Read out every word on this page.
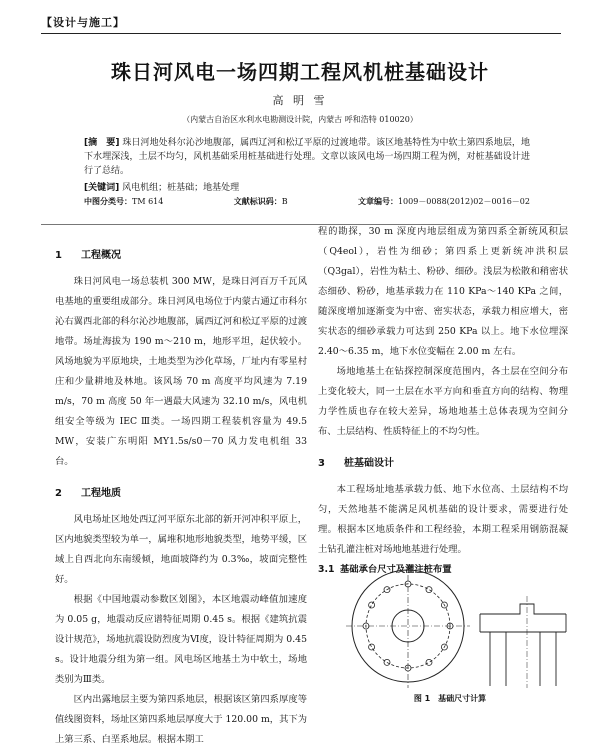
【设计与施工】
珠日河风电一场四期工程风机桩基础设计
高 明 雪
（内蒙古自治区水利水电勘测设计院，内蒙古 呼和浩特 010020）
[摘　要] 珠日河地处科尔沁沙地腹部，属西辽河和松辽平原的过渡地带。该区地基特性为中软土第四系地层，地下水埋深浅，土层不均匀，风机基础采用桩基础进行处理。文章以该风电场一场四期工程为例，对桩基础设计进行了总结。
[关键词] 风电机组；桩基础；地基处理
中图分类号：TM 614	文献标识码：B	文章编号：1009－0088(2012)02－0016－02
1 工程概况

珠日河风电一场总装机 300 MW，是珠日河百万千瓦风电基地的重要组成部分。珠日河风电场位于内蒙古通辽市科尔沁右翼西北部的科尔沁沙地腹部，属西辽河和松辽平原的过渡地带。场址海拔为 190 m～210 m，地形平坦，起伏较小。风场地貌为平原地块，土地类型为沙化草场，厂址内有零星村庄和少量耕地及林地。该风场 70 m 高度平均风速为 7.19 m/s，70 m 高度 50 年一遇最大风速为 32.10 m/s，风电机组安全等级为 IEC Ⅲ类。一场四期工程装机容量为 49.5 MW，安装广东明阳 MY1.5s/s0－70 风力发电机组 33 台。

2 工程地质

风电场址区地处西辽河平原东北部的新开河冲积平原上，区内地貌类型较为单一，属堆积地形地貌类型，地势平缓，区域上自西北向东南缓倾，地面坡降约为 0.3‰，坡面完整性好。

根据《中国地震动参数区划图》，本区地震动峰值加速度为 0.05 g，地震动反应谱特征周期 0.45 s。根据《建筑抗震设计规范》，场地抗震设防烈度为Ⅵ度，设计特征周期为 0.45 s。设计地震分组为第一组。风电场区地基土为中软土，场地类别为Ⅲ类。

区内出露地层主要为第四系地层，根据该区第四系厚度等值线图资料，场址区第四系地层厚度大于 120.00 m，其下为上第三系、白垩系地层。根据本期工

程的勘探，30 m 深度内地层组成为第四系全新统风积层（Q4eol），岩性为细砂；第四系上更新统冲洪积层（Q3gal），岩性为粘土、粉砂、细砂。浅层为松散和稍密状态细砂、粉砂，地基承载力在 110 KPa～140 KPa 之间，随深度增加逐渐变为中密、密实状态，承载力相应增大，密实状态的细砂承载力可达到 250 KPa 以上。地下水位埋深 2.40～6.35 m，地下水位变幅在 2.00 m 左右。

场地地基土在钻探控制深度范围内，各土层在空间分布上变化较大，同一土层在水平方向和垂直方向的结构、物理力学性质也存在较大差异，场地地基土总体表现为空间分布、土层结构、性质特征上的不均匀性。

3 桩基础设计

本工程场址地基承载力低、地下水位高、土层结构不均匀，天然地基不能满足风机基础的设计要求，需要进行处理。根据本区地质条件和工程经验，本期工程采用钢筋混凝土钻孔灌注桩对场地地基进行处理。

3.1 基础承台尺寸及灌注桩布置
图 1　基础尺寸计算
